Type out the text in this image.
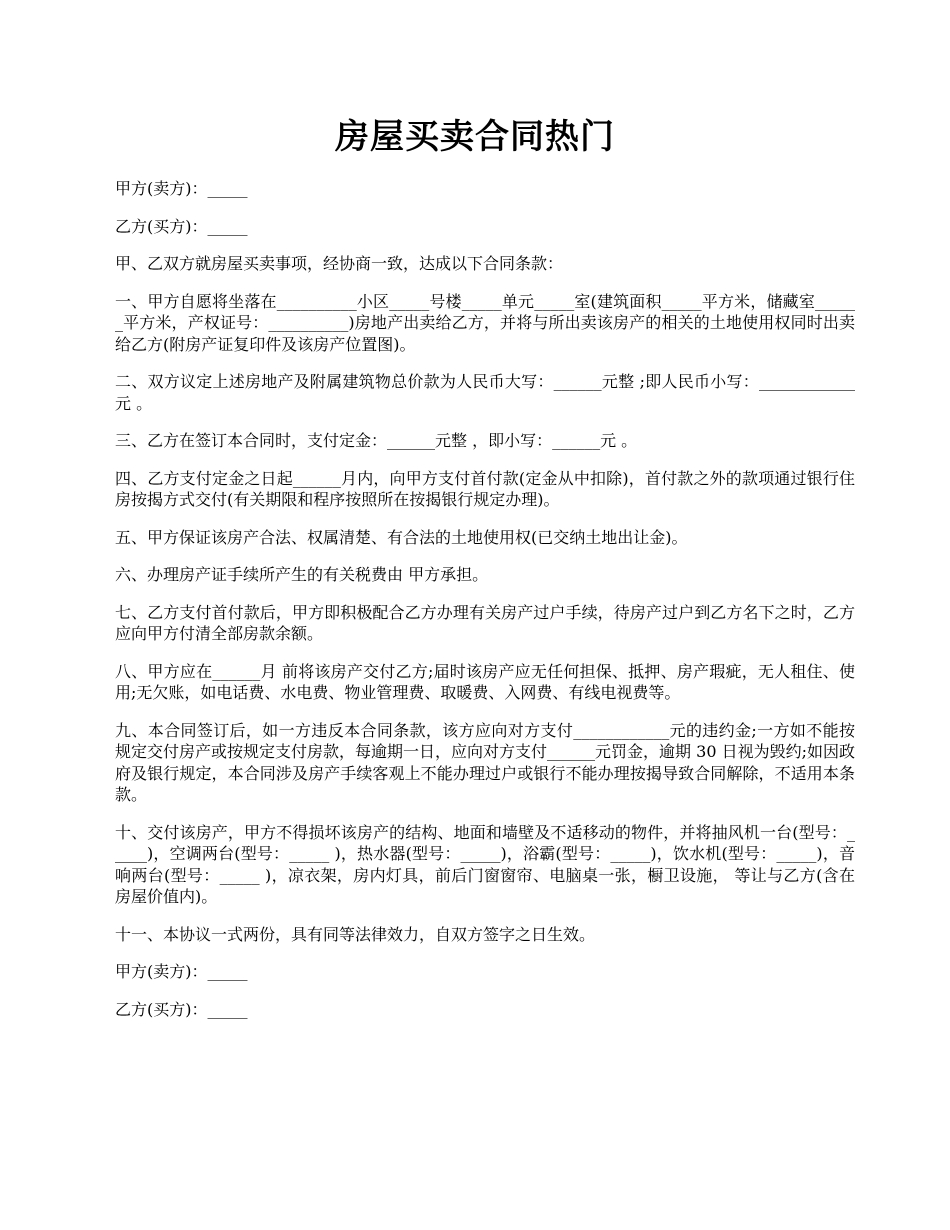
房屋买卖合同热门

甲方(卖方)：_____

乙方(买方)：_____

甲、乙双方就房屋买卖事项，经协商一致，达成以下合同条款：

一、甲方自愿将坐落在__________小区_____号楼_____单元_____室(建筑面积_____平方米，储藏室______平方米，产权证号：__________)房地产出卖给乙方，并将与所出卖该房产的相关的土地使用权同时出卖给乙方(附房产证复印件及该房产位置图)。

二、双方议定上述房地产及附属建筑物总价款为人民币大写：______元整 ;即人民币小写：____________元 。

三、乙方在签订本合同时，支付定金：______元整 ，即小写：______元 。

四、乙方支付定金之日起______月内，向甲方支付首付款(定金从中扣除)，首付款之外的款项通过银行住房按揭方式交付(有关期限和程序按照所在按揭银行规定办理)。

五、甲方保证该房产合法、权属清楚、有合法的土地使用权(已交纳土地出让金)。

六、办理房产证手续所产生的有关税费由 甲方承担。

七、乙方支付首付款后，甲方即积极配合乙方办理有关房产过户手续，待房产过户到乙方名下之时，乙方应向甲方付清全部房款余额。

八、甲方应在______月 前将该房产交付乙方;届时该房产应无任何担保、抵押、房产瑕疵，无人租住、使用;无欠账，如电话费、水电费、物业管理费、取暖费、入网费、有线电视费等。

九、本合同签订后，如一方违反本合同条款，该方应向对方支付____________元的违约金;一方如不能按规定交付房产或按规定支付房款，每逾期一日，应向对方支付______元罚金，逾期 30 日视为毁约;如因政府及银行规定，本合同涉及房产手续客观上不能办理过户或银行不能办理按揭导致合同解除，不适用本条款。

十、交付该房产，甲方不得损坏该房产的结构、地面和墙壁及不适移动的物件，并将抽风机一台(型号：_____)，空调两台(型号：_____ )，热水器(型号：_____)，浴霸(型号：_____)，饮水机(型号：_____)，音响两台(型号：_____ )，凉衣架，房内灯具，前后门窗窗帘、电脑桌一张，橱卫设施， 等让与乙方(含在房屋价值内)。

十一、本协议一式两份，具有同等法律效力，自双方签字之日生效。

甲方(卖方)：_____

乙方(买方)：_____
